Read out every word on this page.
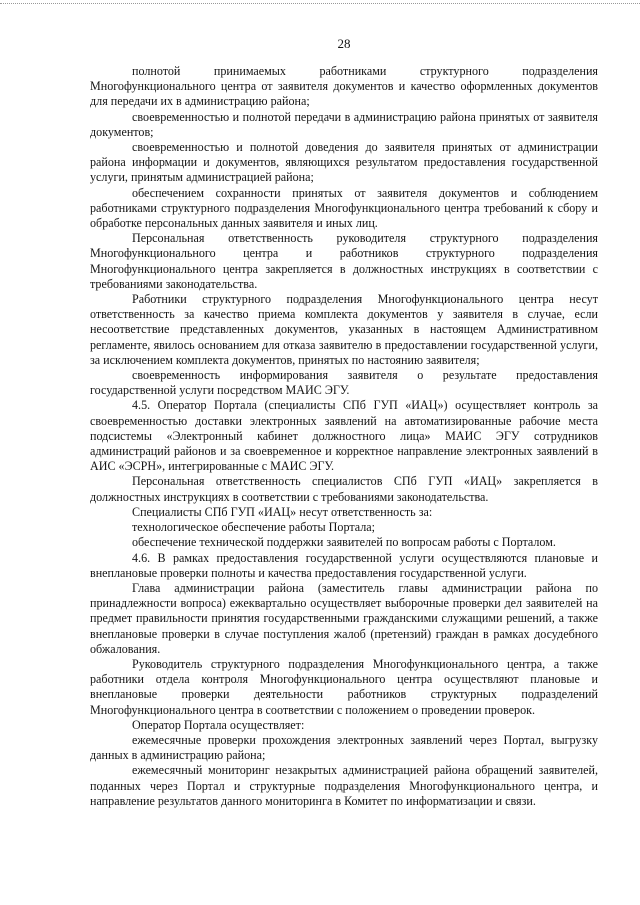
28

полнотой принимаемых работниками структурного подразделения Многофункционального центра от заявителя документов и качество оформленных документов для передачи их в администрацию района;

своевременностью и полнотой передачи в администрацию района принятых от заявителя документов;

своевременностью и полнотой доведения до заявителя принятых от администрации района информации и документов, являющихся результатом предоставления государственной услуги, принятым администрацией района;

обеспечением сохранности принятых от заявителя документов и соблюдением работниками структурного подразделения Многофункционального центра требований к сбору и обработке персональных данных заявителя и иных лиц.

Персональная ответственность руководителя структурного подразделения Многофункционального центра и работников структурного подразделения Многофункционального центра закрепляется в должностных инструкциях в соответствии с требованиями законодательства.

Работники структурного подразделения Многофункционального центра несут ответственность за качество приема комплекта документов у заявителя в случае, если несоответствие представленных документов, указанных в настоящем Административном регламенте, явилось основанием для отказа заявителю в предоставлении государственной услуги, за исключением комплекта документов, принятых по настоянию заявителя;

своевременность информирования заявителя о результате предоставления государственной услуги посредством МАИС ЭГУ.

4.5. Оператор Портала (специалисты СПб ГУП «ИАЦ») осуществляет контроль за своевременностью доставки электронных заявлений на автоматизированные рабочие места подсистемы «Электронный кабинет должностного лица» МАИС ЭГУ сотрудников администраций районов и за своевременное и корректное направление электронных заявлений в АИС «ЭСРН», интегрированные с МАИС ЭГУ.

Персональная ответственность специалистов СПб ГУП «ИАЦ» закрепляется в должностных инструкциях в соответствии с требованиями законодательства.

Специалисты СПб ГУП «ИАЦ» несут ответственность за:

технологическое обеспечение работы Портала;

обеспечение технической поддержки заявителей по вопросам работы с Порталом.

4.6. В рамках предоставления государственной услуги осуществляются плановые и внеплановые проверки полноты и качества предоставления государственной услуги.

Глава администрации района (заместитель главы администрации района по принадлежности вопроса) ежеквартально осуществляет выборочные проверки дел заявителей на предмет правильности принятия государственными гражданскими служащими решений, а также внеплановые проверки в случае поступления жалоб (претензий) граждан в рамках досудебного обжалования.

Руководитель структурного подразделения Многофункционального центра, а также работники отдела контроля Многофункционального центра осуществляют плановые и внеплановые проверки деятельности работников структурных подразделений Многофункционального центра в соответствии с положением о проведении проверок.

Оператор Портала осуществляет:

ежемесячные проверки прохождения электронных заявлений через Портал, выгрузку данных в администрацию района;

ежемесячный мониторинг незакрытых администрацией района обращений заявителей, поданных через Портал и структурные подразделения Многофункционального центра, и направление результатов данного мониторинга в Комитет по информатизации и связи.
